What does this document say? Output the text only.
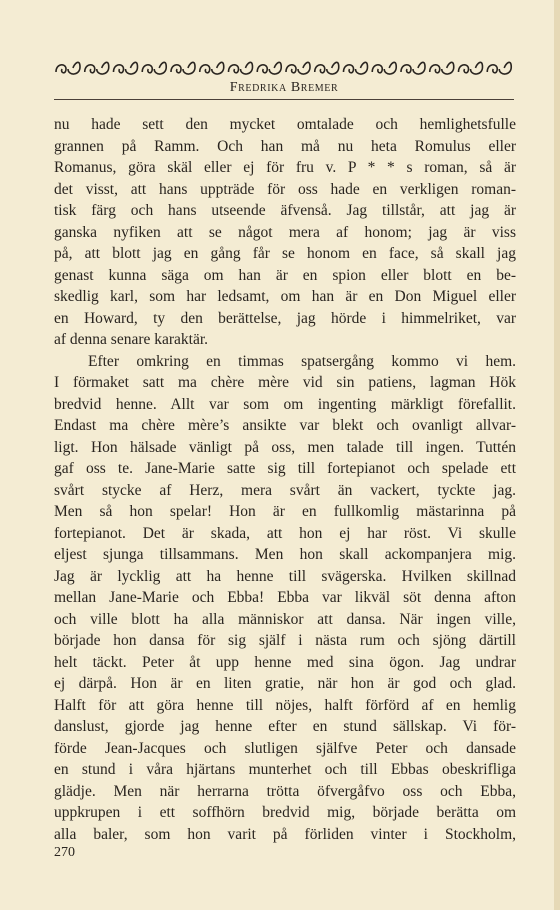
Fredrika Bremer
nu hade sett den mycket omtalade och hemlighetsfulle
grannen på Ramm. Och han må nu heta Romulus eller
Romanus, göra skäl eller ej för fru v. P * * s roman, så är
det visst, att hans uppträde för oss hade en verkligen roman-
tisk färg och hans utseende äfvenså. Jag tillstår, att jag är
ganska nyfiken att se något mera af honom; jag är viss
på, att blott jag en gång får se honom en face, så skall jag
genast kunna säga om han är en spion eller blott en be-
skedlig karl, som har ledsamt, om han är en Don Miguel eller
en Howard, ty den berättelse, jag hörde i himmelriket, var
af denna senare karaktär.
Efter omkring en timmas spatsergång kommo vi hem.
I förmaket satt ma chère mère vid sin patiens, lagman Hök
bredvid henne. Allt var som om ingenting märkligt förefallit.
Endast ma chère mère’s ansikte var blekt och ovanligt allvar-
ligt. Hon hälsade vänligt på oss, men talade till ingen. Tuttén
gaf oss te. Jane-Marie satte sig till fortepianot och spelade ett
svårt stycke af Herz, mera svårt än vackert, tyckte jag.
Men så hon spelar! Hon är en fullkomlig mästarinna på
fortepianot. Det är skada, att hon ej har röst. Vi skulle
eljest sjunga tillsammans. Men hon skall ackompanjera mig.
Jag är lycklig att ha henne till svägerska. Hvilken skillnad
mellan Jane-Marie och Ebba! Ebba var likväl söt denna afton
och ville blott ha alla människor att dansa. När ingen ville,
började hon dansa för sig själf i nästa rum och sjöng därtill
helt täckt. Peter åt upp henne med sina ögon. Jag undrar
ej därpå. Hon är en liten gratie, när hon är god och glad.
Halft för att göra henne till nöjes, halft förförd af en hemlig
danslust, gjorde jag henne efter en stund sällskap. Vi för-
förde Jean-Jacques och slutligen själfve Peter och dansade
en stund i våra hjärtans munterhet och till Ebbas obeskrifliga
glädje. Men när herrarna trötta öfvergåfvo oss och Ebba,
uppkrupen i ett soffhörn bredvid mig, började berätta om
alla baler, som hon varit på förliden vinter i Stockholm,
270
